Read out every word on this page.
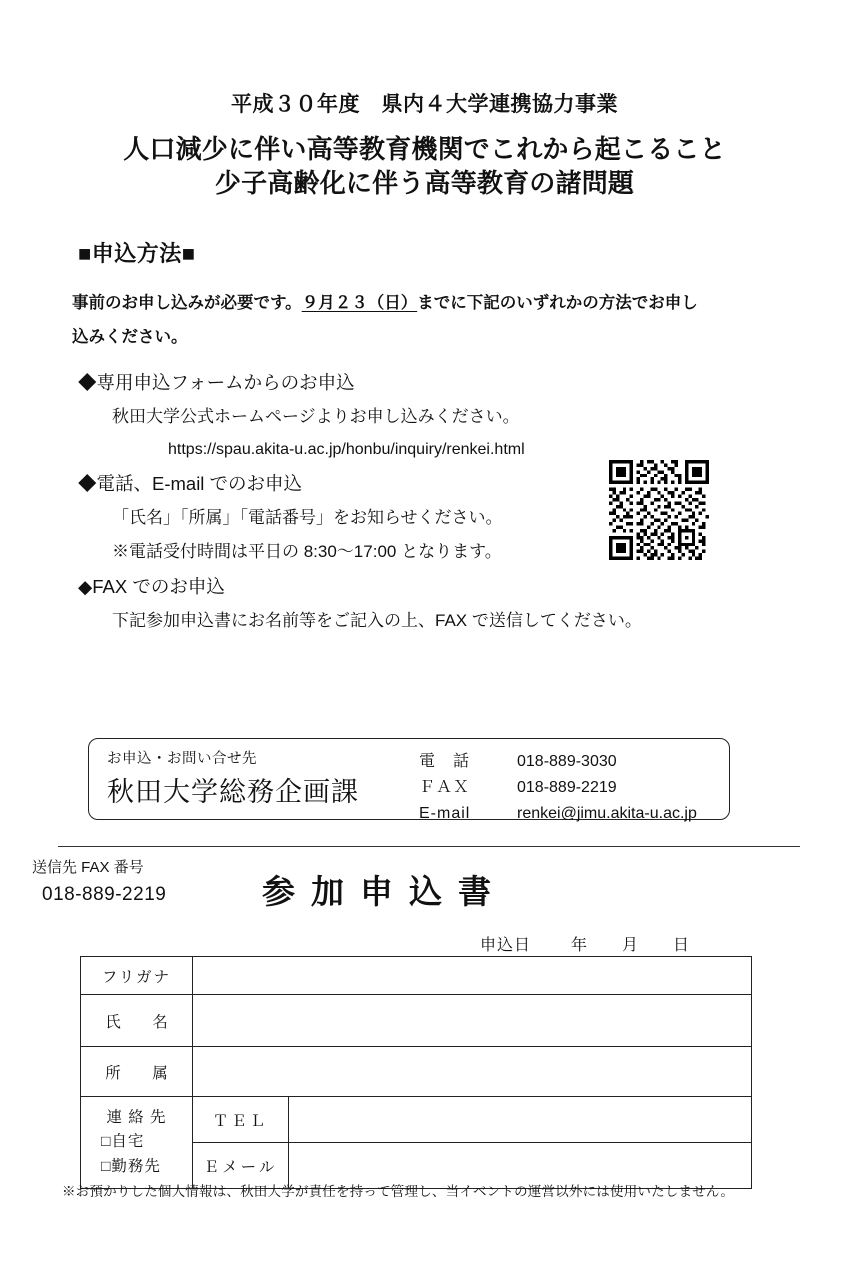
平成３０年度　県内４大学連携協力事業
人口減少に伴い高等教育機関でこれから起こること
少子高齢化に伴う高等教育の諸問題
■申込方法■
事前のお申し込みが必要です。９月２３（日）までに下記のいずれかの方法でお申し
込みください。
◆専用申込フォームからのお申込
秋田大学公式ホームページよりお申し込みください。
https://spau.akita-u.ac.jp/honbu/inquiry/renkei.html
◆電話、E-mail でのお申込
「氏名」「所属」「電話番号」をお知らせください。
※電話受付時間は平日の 8:30〜17:00 となります。
◆FAX でのお申込
下記参加申込書にお名前等をご記入の上、FAX で送信してください。
お申込・お問い合せ先
秋田大学総務企画課
電　話	018-889-3030
ＦＡＸ	018-889-2219
E-mail	renkei@jimu.akita-u.ac.jp
送信先 FAX 番号
018-889-2219	参加申込書
申込日	年 月 日
フリガナ		
氏　名		
所　属		

連 絡 先
□自宅
□勤務先	ＴＥＬ	
	Ｅメール	
※お預かりした個人情報は、秋田大学が責任を持って管理し、当イベントの運営以外には使用いたしません。
